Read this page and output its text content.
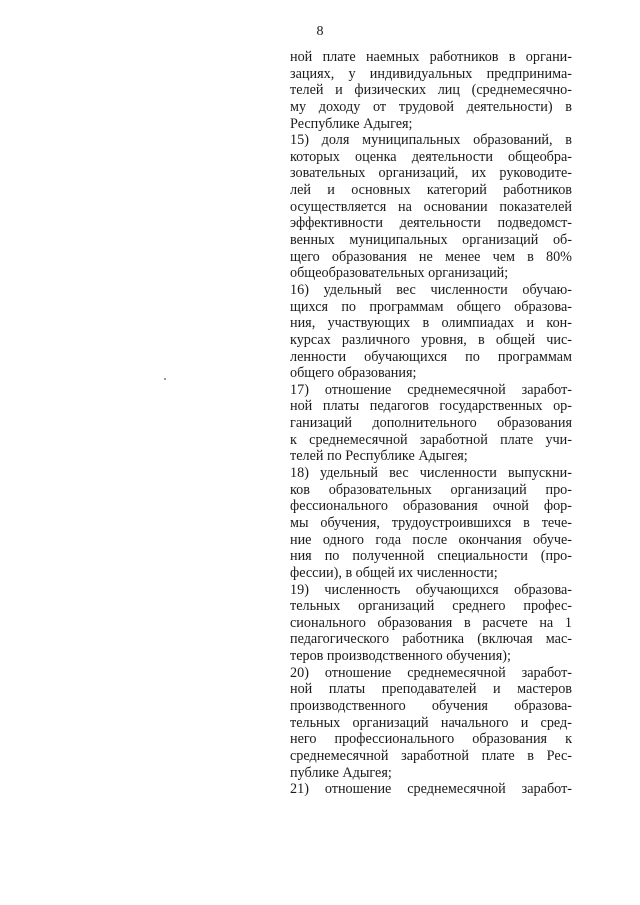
8
ной плате наемных работников в органи-
зациях, у индивидуальных предпринима-
телей и физических лиц (среднемесячно-
му доходу от трудовой деятельности) в
Республике Адыгея;
15) доля муниципальных образований, в
которых оценка деятельности общеобра-
зовательных организаций, их руководите-
лей и основных категорий работников
осуществляется на основании показателей
эффективности деятельности подведомст-
венных муниципальных организаций об-
щего образования не менее чем в 80%
общеобразовательных организаций;
16) удельный вес численности обучаю-
щихся по программам общего образова-
ния, участвующих в олимпиадах и кон-
курсах различного уровня, в общей чис-
ленности обучающихся по программам
общего образования;
17) отношение среднемесячной заработ-
ной платы педагогов государственных ор-
ганизаций дополнительного образования
к среднемесячной заработной плате учи-
телей по Республике Адыгея;
18) удельный вес численности выпускни-
ков образовательных организаций про-
фессионального образования очной фор-
мы обучения, трудоустроившихся в тече-
ние одного года после окончания обуче-
ния по полученной специальности (про-
фессии), в общей их численности;
19) численность обучающихся образова-
тельных организаций среднего профес-
сионального образования в расчете на 1
педагогического работника (включая мас-
теров производственного обучения);
20) отношение среднемесячной заработ-
ной платы преподавателей и мастеров
производственного обучения образова-
тельных организаций начального и сред-
него профессионального образования к
среднемесячной заработной плате в Рес-
публике Адыгея;
21) отношение среднемесячной заработ-
